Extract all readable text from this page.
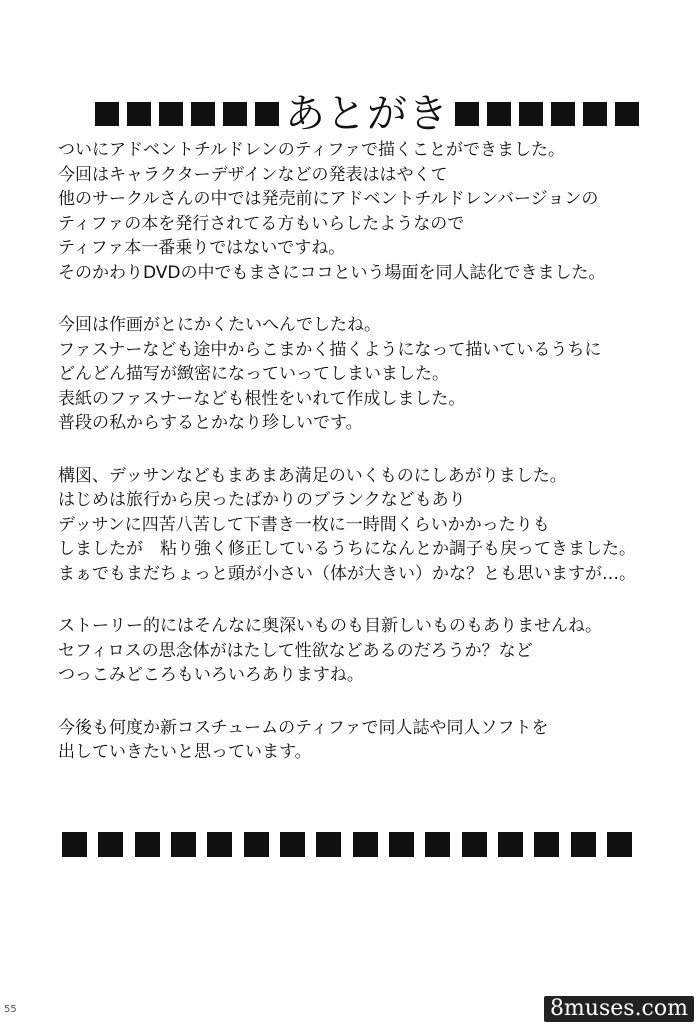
あとがき
ついにアドベントチルドレンのティファで描くことができました。
今回はキャラクターデザインなどの発表ははやくて
他のサークルさんの中では発売前にアドベントチルドレンバージョンの
ティファの本を発行されてる方もいらしたようなので
ティファ本一番乗りではないですね。
そのかわりDVDの中でもまさにココという場面を同人誌化できました。
今回は作画がとにかくたいへんでしたね。
ファスナーなども途中からこまかく描くようになって描いているうちに
どんどん描写が緻密になっていってしまいました。
表紙のファスナーなども根性をいれて作成しました。
普段の私からするとかなり珍しいです。
構図、デッサンなどもまあまあ満足のいくものにしあがりました。
はじめは旅行から戻ったばかりのブランクなどもあり
デッサンに四苦八苦して下書き一枚に一時間くらいかかったりも
しましたが　粘り強く修正しているうちになんとか調子も戻ってきました。
まぁでもまだちょっと頭が小さい（体が大きい）かな？とも思いますが…。
ストーリー的にはそんなに奥深いものも目新しいものもありませんね。
セフィロスの思念体がはたして性欲などあるのだろうか？など
つっこみどころもいろいろありますね。
今後も何度か新コスチュームのティファで同人誌や同人ソフトを
出していきたいと思っています。
55	8muses.com
